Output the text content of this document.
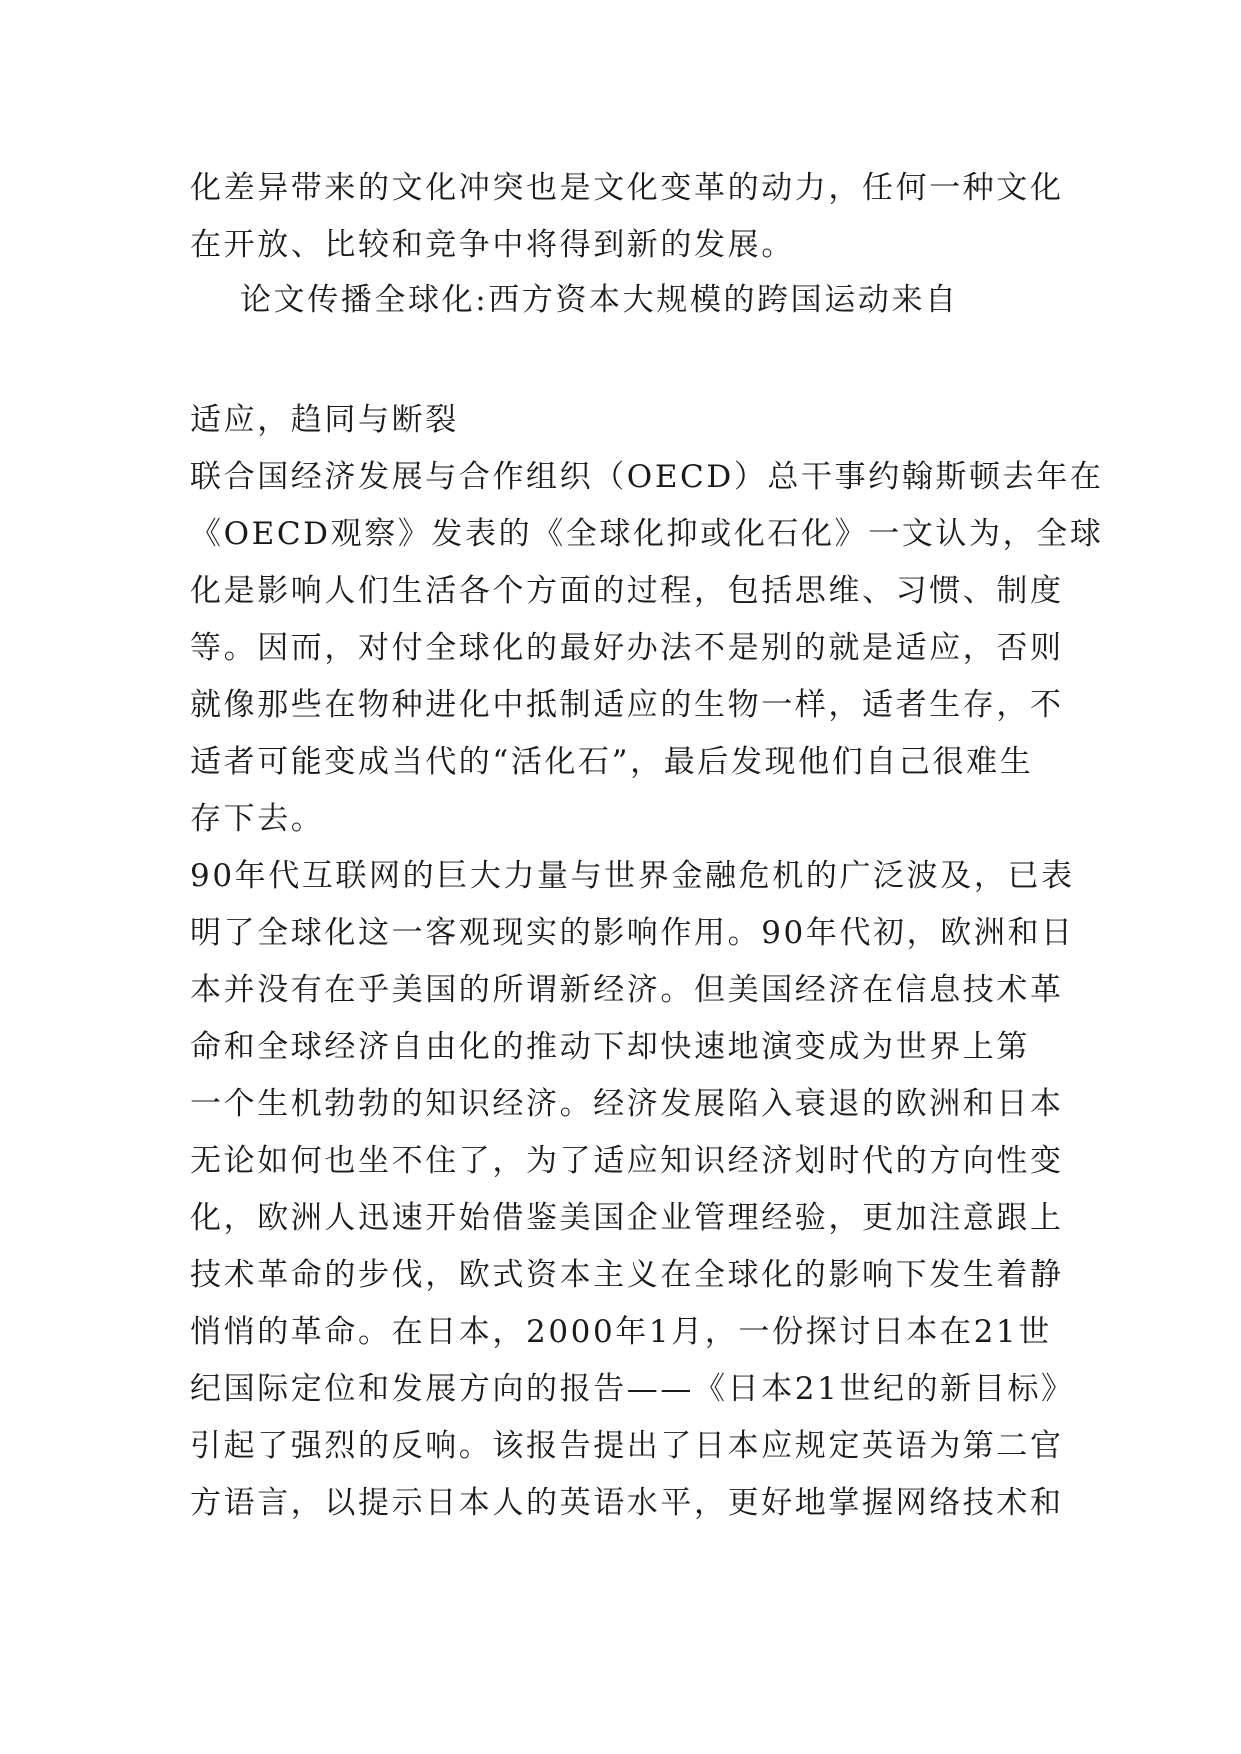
化差异带来的文化冲突也是文化变革的动力，任何一种文化
在开放、比较和竞争中将得到新的发展。
论文传播全球化:西方资本大规模的跨国运动来自
适应，趋同与断裂
联合国经济发展与合作组织（OECD）总干事约翰斯顿去年在
《OECD观察》发表的《全球化抑或化石化》一文认为，全球
化是影响人们生活各个方面的过程，包括思维、习惯、制度
等。因而，对付全球化的最好办法不是别的就是适应，否则
就像那些在物种进化中抵制适应的生物一样，适者生存，不
适者可能变成当代的“活化石”，最后发现他们自己很难生
存下去。
90年代互联网的巨大力量与世界金融危机的广泛波及，已表
明了全球化这一客观现实的影响作用。90年代初，欧洲和日
本并没有在乎美国的所谓新经济。但美国经济在信息技术革
命和全球经济自由化的推动下却快速地演变成为世界上第
一个生机勃勃的知识经济。经济发展陷入衰退的欧洲和日本
无论如何也坐不住了，为了适应知识经济划时代的方向性变
化，欧洲人迅速开始借鉴美国企业管理经验，更加注意跟上
技术革命的步伐，欧式资本主义在全球化的影响下发生着静
悄悄的革命。在日本，2000年1月，一份探讨日本在21世
纪国际定位和发展方向的报告——《日本21世纪的新目标》
引起了强烈的反响。该报告提出了日本应规定英语为第二官
方语言，以提示日本人的英语水平，更好地掌握网络技术和
